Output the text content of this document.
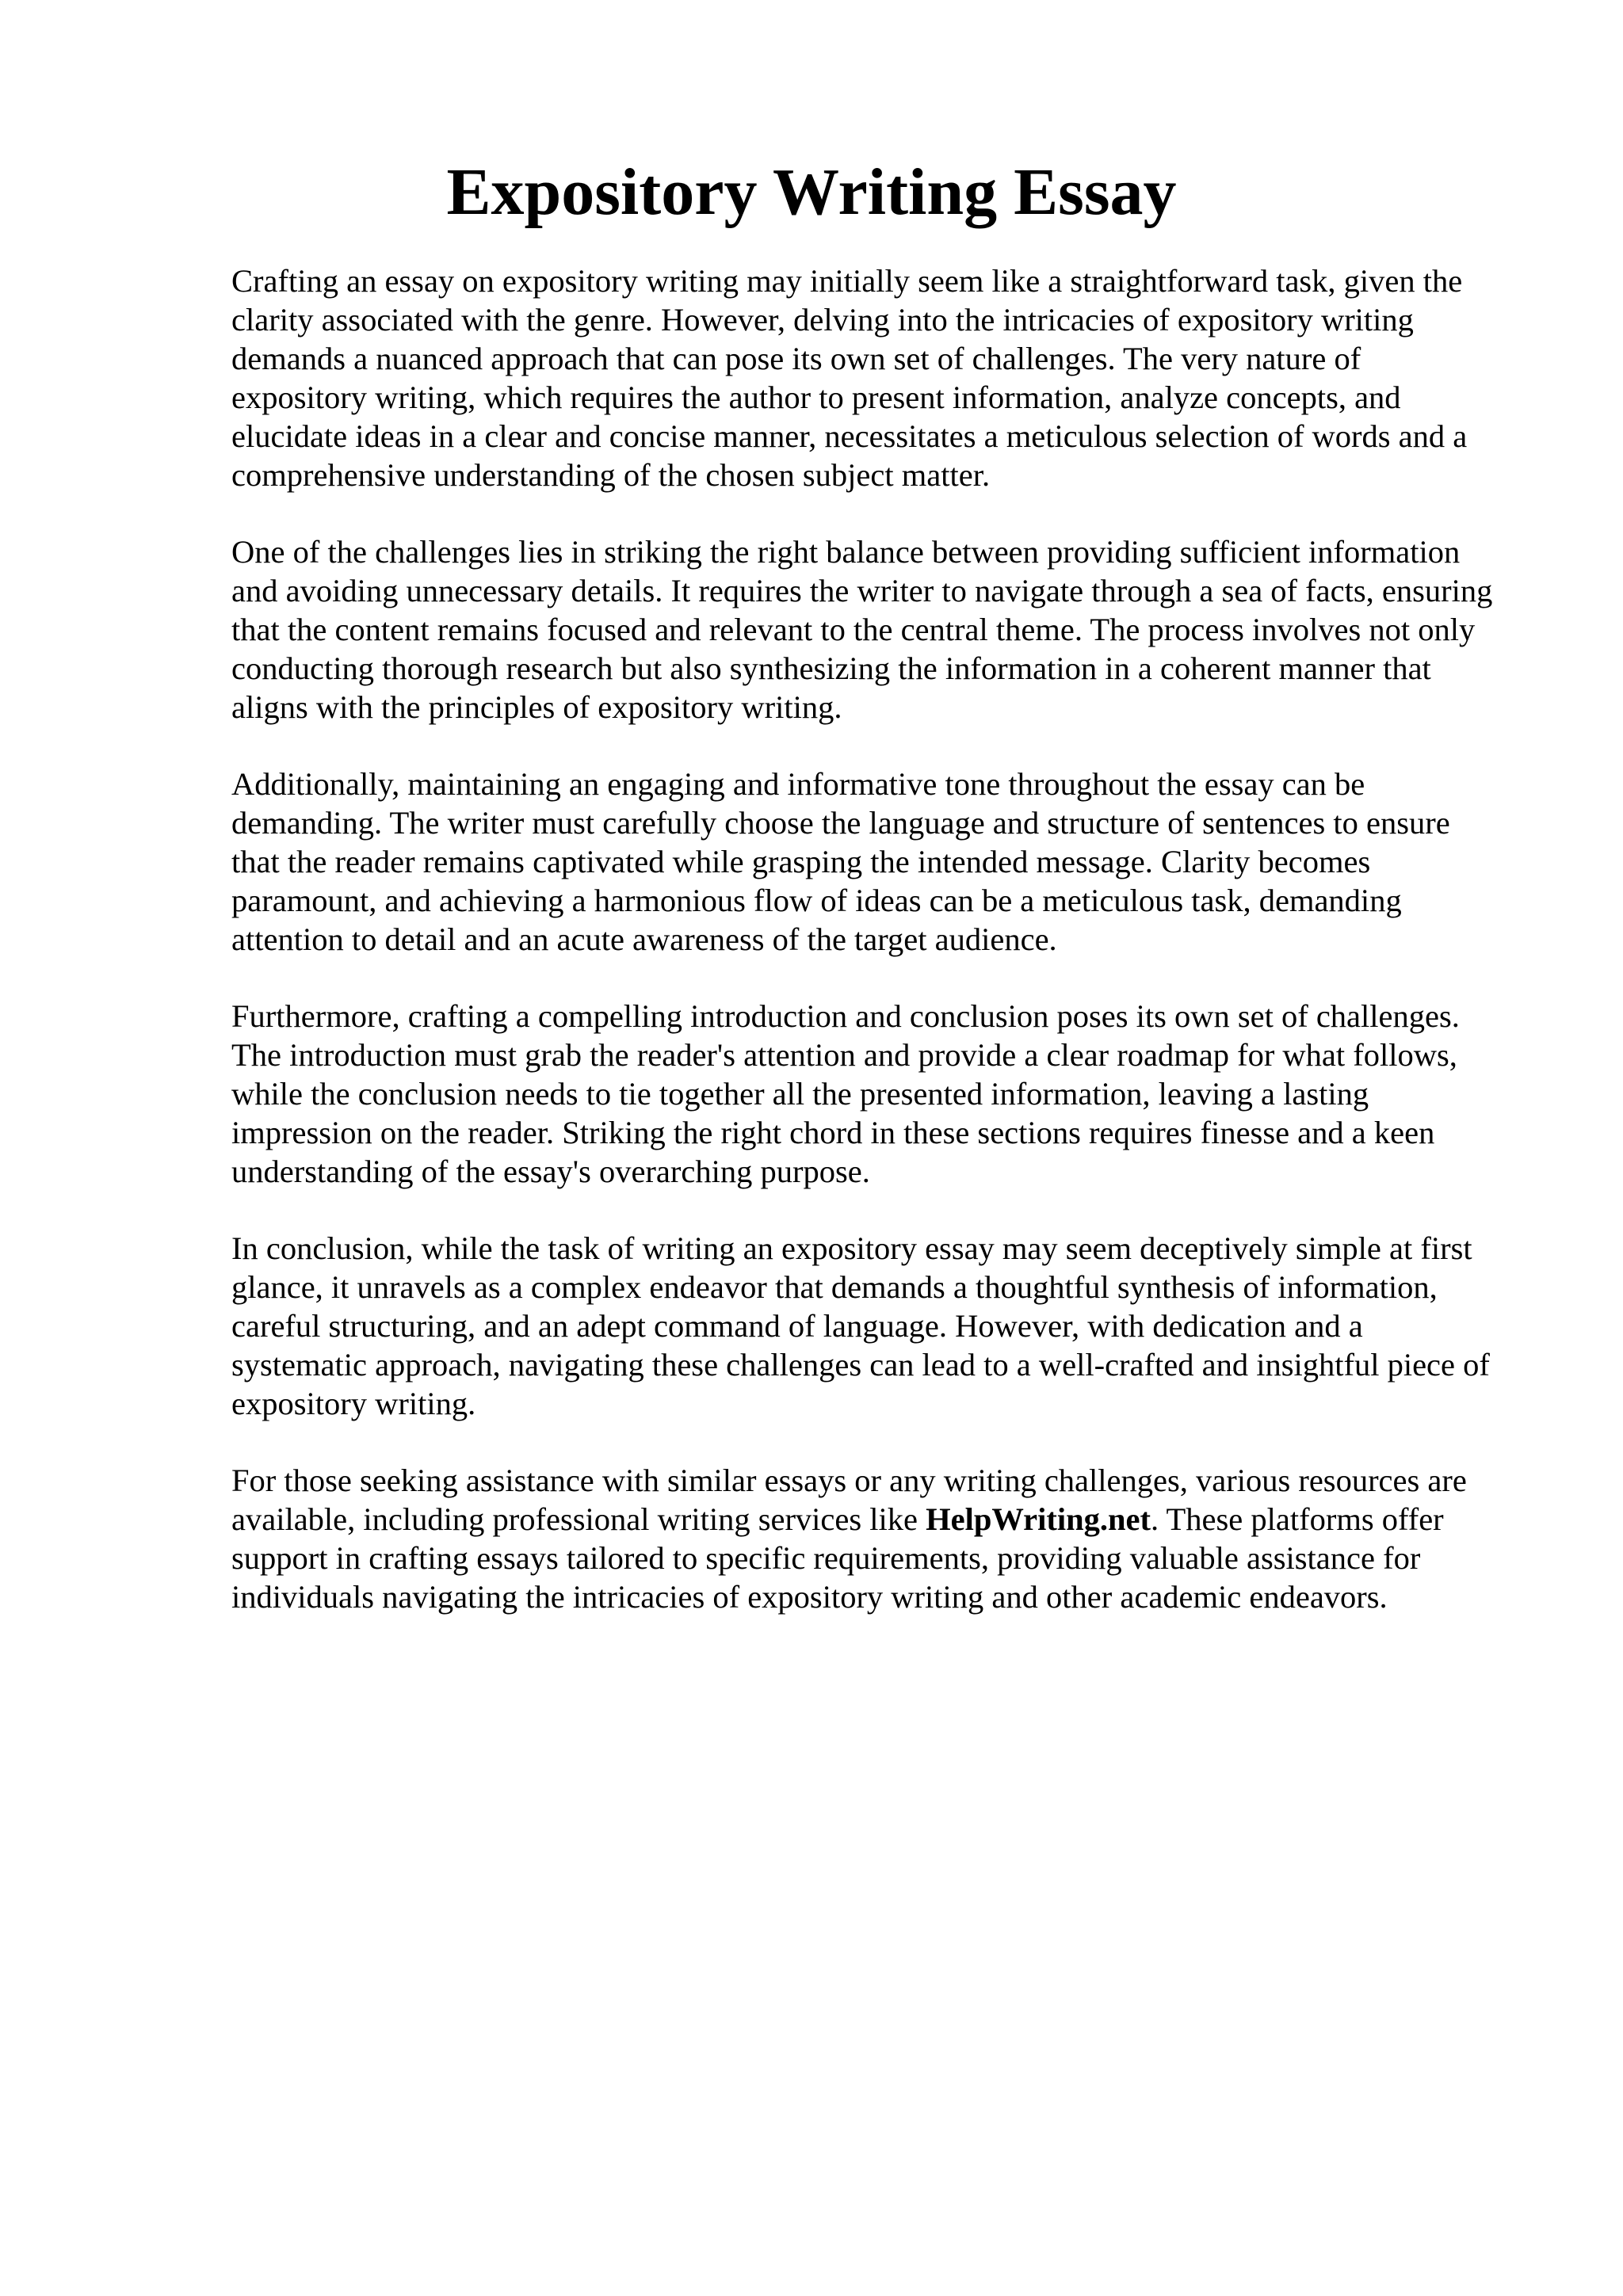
Expository Writing Essay

Crafting an essay on expository writing may initially seem like a straightforward task, given the clarity associated with the genre. However, delving into the intricacies of expository writing demands a nuanced approach that can pose its own set of challenges. The very nature of expository writing, which requires the author to present information, analyze concepts, and elucidate ideas in a clear and concise manner, necessitates a meticulous selection of words and a comprehensive understanding of the chosen subject matter.

One of the challenges lies in striking the right balance between providing sufficient information and avoiding unnecessary details. It requires the writer to navigate through a sea of facts, ensuring that the content remains focused and relevant to the central theme. The process involves not only conducting thorough research but also synthesizing the information in a coherent manner that aligns with the principles of expository writing.

Additionally, maintaining an engaging and informative tone throughout the essay can be demanding. The writer must carefully choose the language and structure of sentences to ensure that the reader remains captivated while grasping the intended message. Clarity becomes paramount, and achieving a harmonious flow of ideas can be a meticulous task, demanding attention to detail and an acute awareness of the target audience.

Furthermore, crafting a compelling introduction and conclusion poses its own set of challenges. The introduction must grab the reader's attention and provide a clear roadmap for what follows, while the conclusion needs to tie together all the presented information, leaving a lasting impression on the reader. Striking the right chord in these sections requires finesse and a keen understanding of the essay's overarching purpose.

In conclusion, while the task of writing an expository essay may seem deceptively simple at first glance, it unravels as a complex endeavor that demands a thoughtful synthesis of information, careful structuring, and an adept command of language. However, with dedication and a systematic approach, navigating these challenges can lead to a well-crafted and insightful piece of expository writing.

For those seeking assistance with similar essays or any writing challenges, various resources are available, including professional writing services like HelpWriting.net. These platforms offer support in crafting essays tailored to specific requirements, providing valuable assistance for individuals navigating the intricacies of expository writing and other academic endeavors.
